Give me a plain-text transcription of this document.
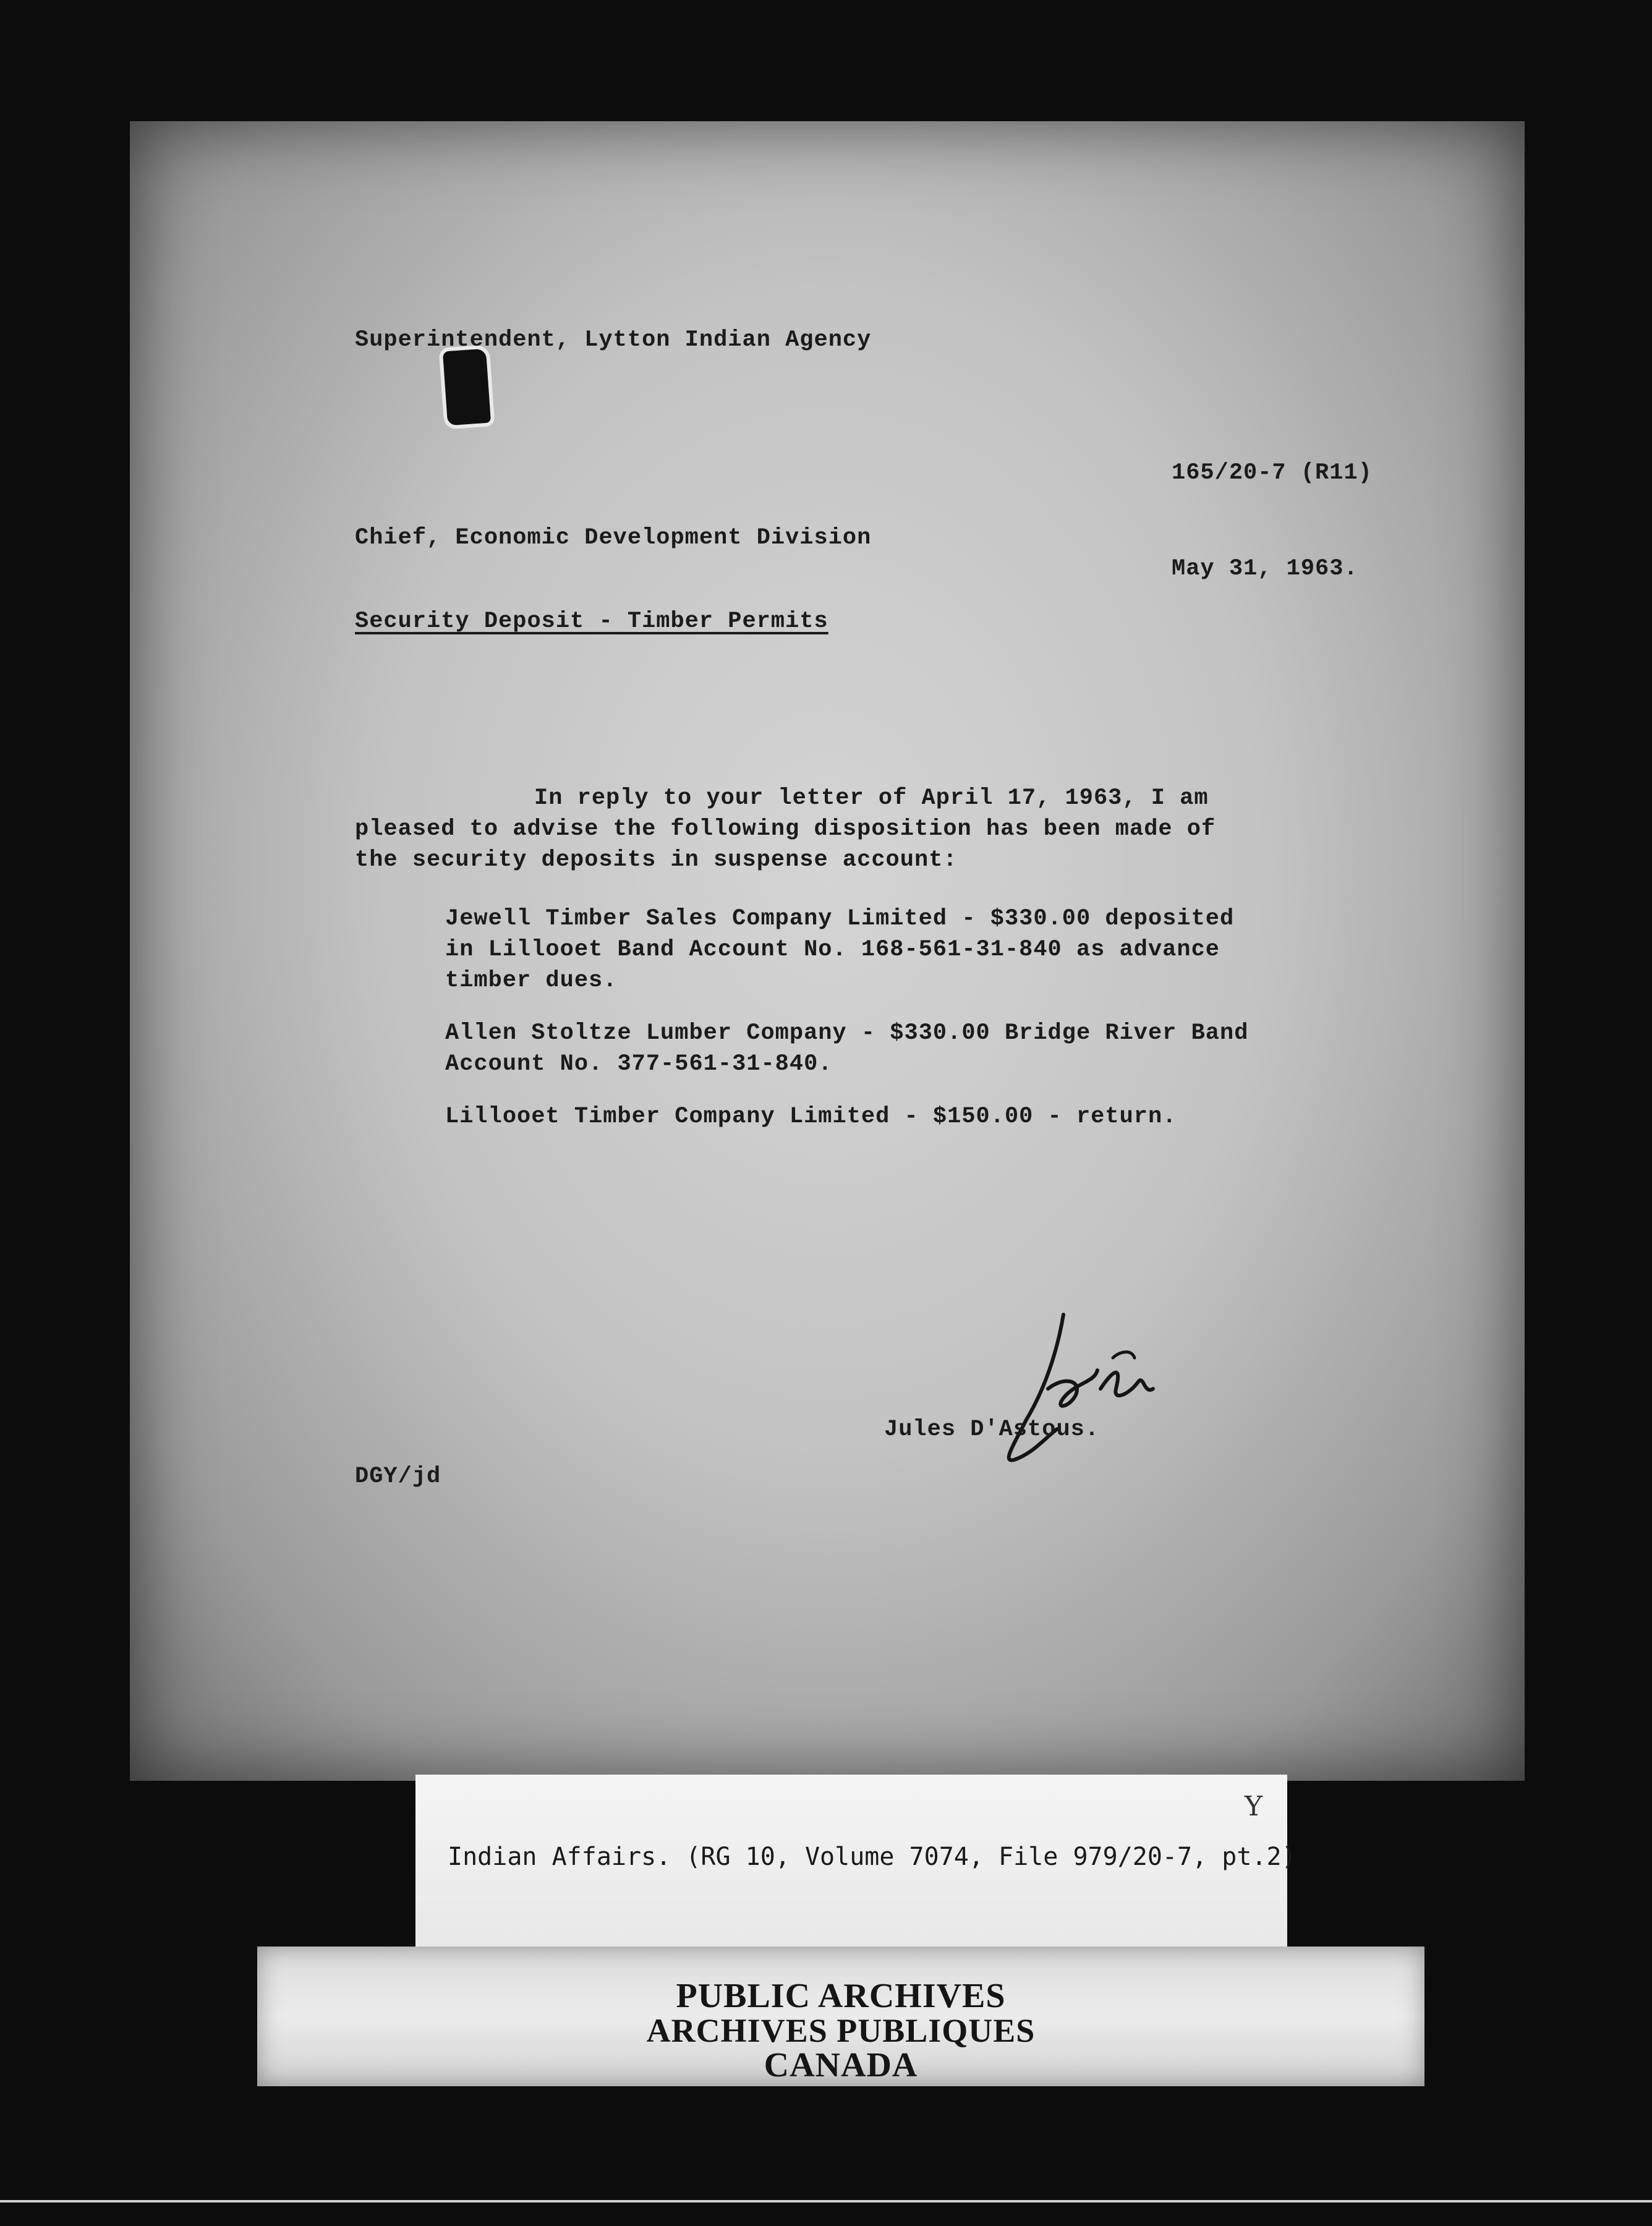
Superintendent, Lytton Indian Agency
165/20-7 (R11)
Chief, Economic Development Division
May 31, 1963.
Security Deposit - Timber Permits
In reply to your letter of April 17, 1963, I am
pleased to advise the following disposition has been made of
the security deposits in suspense account:
Jewell Timber Sales Company Limited - $330.00 deposited
in Lillooet Band Account No. 168-561-31-840 as advance
timber dues.
Allen Stoltze Lumber Company - $330.00 Bridge River Band
Account No. 377-561-31-840.
Lillooet Timber Company Limited - $150.00 - return.
Jules D'Astous.
DGY/jd
Y
Indian Affairs. (RG 10, Volume 7074, File 979/20-7, pt.2)
PUBLIC ARCHIVES
ARCHIVES PUBLIQUES
CANADA
